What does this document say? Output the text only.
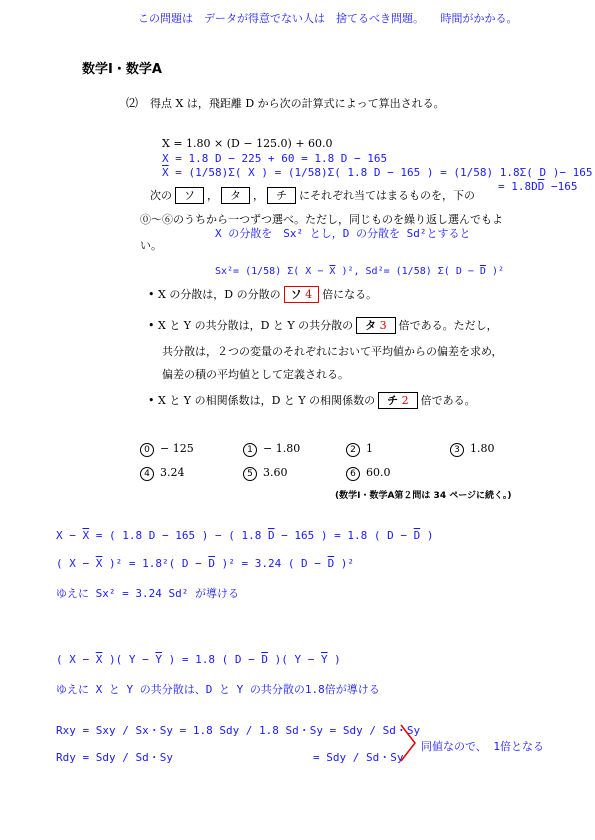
この問題は　データが得意でない人は　捨てるべき問題。　　時間がかかる。
数学Ⅰ・数学A
⑵ 得点 X は，飛距離 D から次の計算式によって算出される。
X = 1.80 × (D − 125.0) + 60.0
X = 1.8 D − 225 + 60 = 1.8 D − 165
$\overline{X} = (1/58)\Sigma$( X ) = (1/58)Σ( 1.8 D − 165 ) = (1/58) 1.8Σ( D )− 165
= $1.8D\overline{D} -165$
次の ソ ， タ ， チ にそれぞれ当てはまるものを，下の
⓪〜⑥のうちから一つずつ選べ。ただし，同じものを繰り返し選んでもよ
X の分散を　Sx² とし，D の分散を Sd²とすると
い。
Sx²= (1/58) Σ( $X - \overline{X}$ )², Sd²= (1/58) Σ( $D - \overline{D}$ )²
• X の分散は，D の分散の ソ 4 倍になる。
• X と Y の共分散は，D と Y の共分散の タ 3 倍である。ただし，
共分散は，２つの変量のそれぞれにおいて平均値からの偏差を求め，
偏差の積の平均値として定義される。
• X と Y の相関係数は，D と Y の相関係数の チ 2 倍である。
0 − 125	1 − 1.80	2 1	3 1.80
4 3.24	5 3.60	6 60.0
(数学Ⅰ・数学A第２問は 34 ページに続く。)
$X - \overline{X}$ = ( 1.8 D − 165 ) − ( 1.8 $\overline{D} - 165$ ) = 1.8 ( $D - \overline{D}$ )
( $X - \overline{X}$ )² = 1.8²( $D - \overline{D}$ )² = 3.24 ( $D - \overline{D}$ )²
ゆえに Sx² = 3.24 Sd² が導ける
( $X - \overline{X}$ )( $Y - \overline{Y}$ ) = 1.8 ( $D - \overline{D}$ )( $Y - \overline{Y}$ )
ゆえに X と Y の共分散は、D と Y の共分散の1.8倍が導ける
Rxy = Sxy / Sx・Sy = 1.8 Sdy / 1.8 Sd・Sy = Sdy / Sd・Sy
Rdy = Sdy / Sd・Sy	= Sdy / Sd・Sy
同値なので、 1倍となる
